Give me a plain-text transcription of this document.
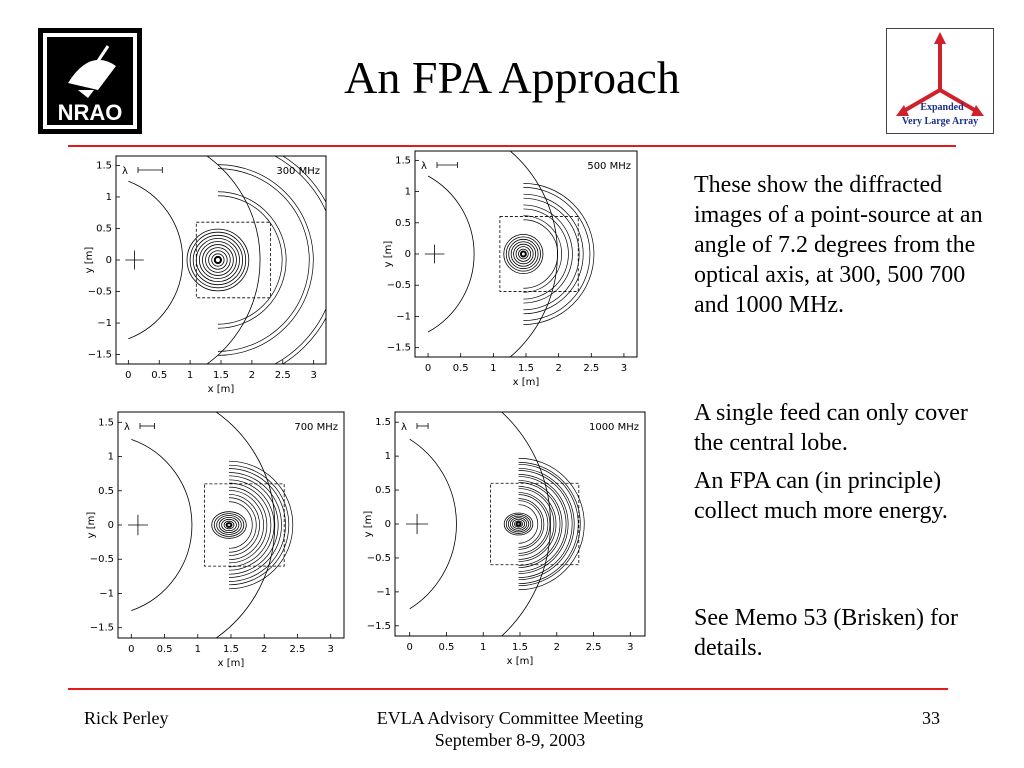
NRAO	Expanded
Very Large Array
An FPA Approach
λ	300 MHz
0 0.5 1 1.5 2 2.5 3
1.5
1
0.5
0
−0.5
−1
−1.5
x [m]
y [m]
λ	500 MHz
0 0.5 1 1.5 2 2.5 3
1.5
1
0.5
0
−0.5
−1
−1.5
x [m]
y [m]
λ	700 MHz
0 0.5 1 1.5 2 2.5 3
1.5
1
0.5
0
−0.5
−1
−1.5
x [m]
y [m]
λ	1000 MHz
0	0.5	1	1.5	2	2.5	3
1.5
1
0.5
0
−0.5
−1
−1.5
x [m]
y [m]
These show the diffracted images of a point-source at an angle of 7.2 degrees from the optical axis, at 300, 500 700 and 1000 MHz.
A single feed can only cover the central lobe.
An FPA can (in principle) collect much more energy.
See Memo 53 (Brisken) for details.
Rick Perley	EVLA Advisory Committee Meeting
September 8-9, 2003
33
